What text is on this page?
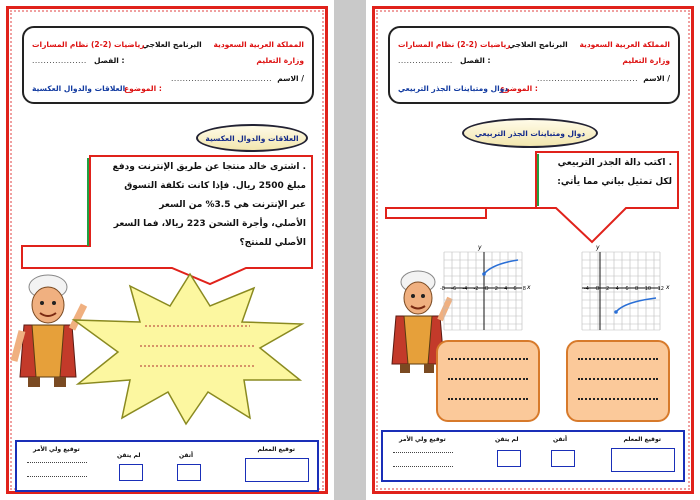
المملكة العربية السعودية
البرنامج العلاجي
رياضيات (2-2) نظام المسارات
وزارة التعليم
الفصل :
...................
الاسم /
...................................
الموضوع :
العلاقات والدوال العكسية
العلاقات والدوال العكسية
. اشترى خالد منتجا عن طريق الإنترنت ودفع
مبلغ 2500 ريال. فإذا كانت تكلفة التسوق
عبر الإنترنت هي 3.5% من السعر
الأصلي، وأجرة الشحن 223 ريالا، فما السعر
الأصلي للمنتج؟
توقيع المعلم
أتقن
لم يتقن
توقيع ولي الأمر
المملكة العربية السعودية
البرنامج العلاجي
رياضيات (2-2) نظام المسارات
وزارة التعليم
الفصل :
...................
الاسم /
...................................
الموضوع :
دوال ومتباينات الجذر التربيعي
دوال ومتباينات الجذر التربيعي
. اكتب دالة الجذر التربيعي
لكل تمثيل بياني مما يأتي:
-8 -6 -4 -2 O 2 4 6 8 x
y
-4 O 2 4 6 8 10 12 x
y
توقيع المعلم
أتقن
لم يتقن
توقيع ولي الأمر
